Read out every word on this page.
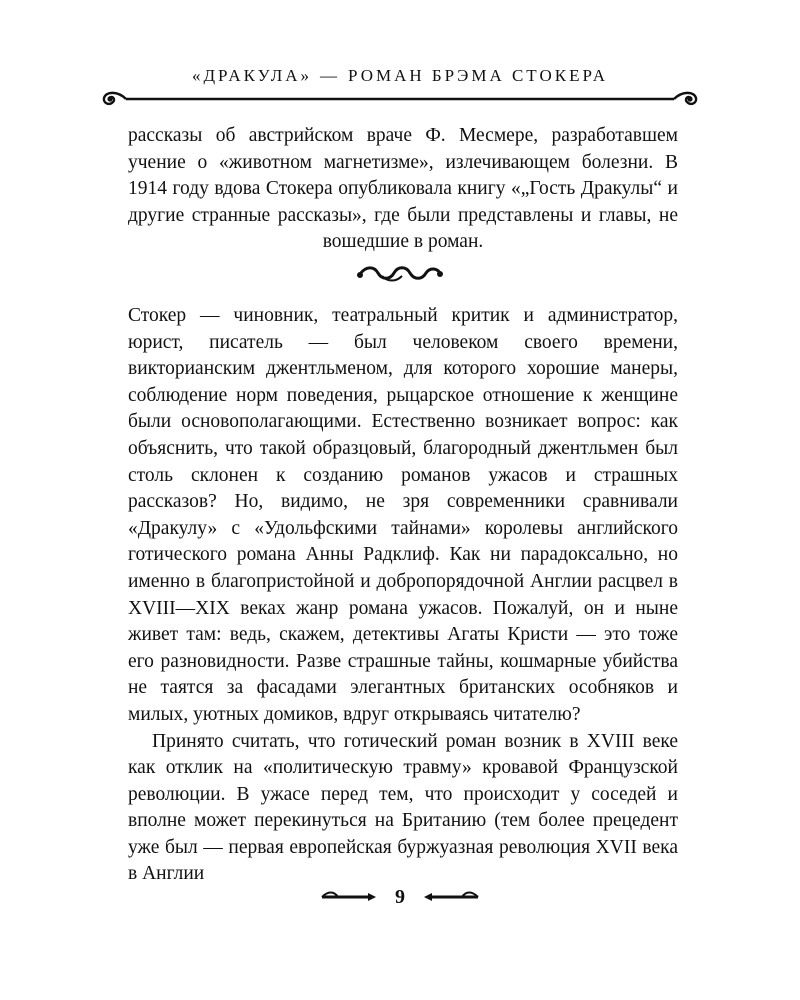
«ДРАКУЛА» — РОМАН БРЭМА СТОКЕРА

рассказы об австрийском враче Ф. Месмере, разработавшем учение о «животном магнетизме», излечивающем болезни. В 1914 году вдова Стокера опубликовала книгу «„Гость Дракулы“ и другие странные рассказы», где были представлены и главы, не вошедшие в роман.

Стокер — чиновник, театральный критик и администратор, юрист, писатель — был человеком своего времени, викторианским джентльменом, для которого хорошие манеры, соблюдение норм поведения, рыцарское отношение к женщине были основополагающими. Естественно возникает вопрос: как объяснить, что такой образцовый, благородный джентльмен был столь склонен к созданию романов ужасов и страшных рассказов? Но, видимо, не зря современники сравнивали «Дракулу» с «Удольфскими тайнами» королевы английского готического романа Анны Радклиф. Как ни парадоксально, но именно в благопристойной и добропорядочной Англии расцвел в XVIII—XIX веках жанр романа ужасов. Пожалуй, он и ныне живет там: ведь, скажем, детективы Агаты Кристи — это тоже его разновидности. Разве страшные тайны, кошмарные убийства не таятся за фасадами элегантных британских особняков и милых, уютных домиков, вдруг открываясь читателю?

Принято считать, что готический роман возник в XVIII веке как отклик на «политическую травму» кровавой Французской революции. В ужасе перед тем, что происходит у соседей и вполне может перекинуться на Британию (тем более прецедент уже был — первая европейская буржуазная революция XVII века в Англии

9
